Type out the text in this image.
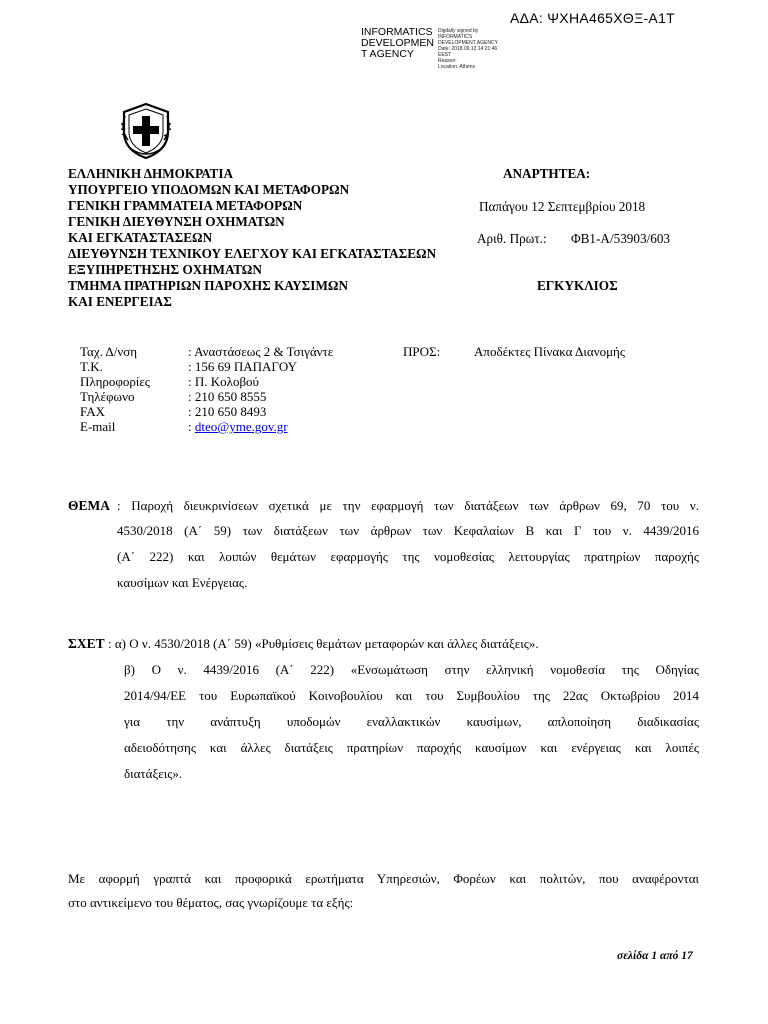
ΑΔΑ: ΨΧΗΑ465ΧΘΞ-Α1Τ
INFORMATICS
DEVELOPMEN
T AGENCY
Digitally signed by
INFORMATICS
DEVELOPMENT AGENCY
Date: 2018.09.12 14:21:46
EEST
Reason:
Location: Athens
ΕΛΛΗΝΙΚΗ ΔΗΜΟΚΡΑΤΙΑ
ΥΠΟΥΡΓΕΙΟ ΥΠΟΔΟΜΩΝ ΚΑΙ ΜΕΤΑΦΟΡΩΝ
ΓΕΝΙΚΗ ΓΡΑΜΜΑΤΕΙΑ ΜΕΤΑΦΟΡΩΝ
ΓΕΝΙΚΗ ΔΙΕΥΘΥΝΣΗ ΟΧΗΜΑΤΩΝ
ΚΑΙ ΕΓΚΑΤΑΣΤΑΣΕΩΝ
ΔΙΕΥΘΥΝΣΗ ΤΕΧΝΙΚΟΥ ΕΛΕΓΧΟΥ ΚΑΙ ΕΓΚΑΤΑΣΤΑΣΕΩΝ
ΕΞΥΠΗΡΕΤΗΣΗΣ ΟΧΗΜΑΤΩΝ
ΤΜΗΜΑ ΠΡΑΤΗΡΙΩΝ ΠΑΡΟΧΗΣ ΚΑΥΣΙΜΩΝ
ΚΑΙ ΕΝΕΡΓΕΙΑΣ
ΑΝΑΡΤΗΤΕΑ:
Παπάγου 12 Σεπτεμβρίου 2018
Αριθ. Πρωτ.: ΦΒ1-Α/53903/603
ΕΓΚΥΚΛΙΟΣ
Ταχ. Δ/νση
Τ.Κ.
Πληροφορίες
Τηλέφωνο
FAX
E-mail
: Αναστάσεως 2 & Τσιγάντε
: 156 69 ΠΑΠΑΓΟΥ
: Π. Κολοβού
: 210 650 8555
: 210 650 8493
: dteo@yme.gov.gr
ΠΡΟΣ:	Αποδέκτες Πίνακα Διανομής
ΘΕΜΑ : Παροχή διευκρινίσεων σχετικά με την εφαρμογή των διατάξεων των άρθρων 69, 70 του ν.
4530/2018 (Α΄ 59) των διατάξεων των άρθρων των Κεφαλαίων Β και Γ του ν. 4439/2016
(Α΄ 222) και λοιπών θεμάτων εφαρμογής της νομοθεσίας λειτουργίας πρατηρίων παροχής
καυσίμων και Ενέργειας.
ΣΧΕΤ : α) Ο ν. 4530/2018 (Α΄ 59) «Ρυθμίσεις θεμάτων μεταφορών και άλλες διατάξεις».
β) Ο ν. 4439/2016 (Α΄ 222) «Ενσωμάτωση στην ελληνική νομοθεσία της Οδηγίας
2014/94/ΕΕ του Ευρωπαϊκού Κοινοβουλίου και του Συμβουλίου της 22ας Οκτωβρίου 2014
για την ανάπτυξη υποδομών εναλλακτικών καυσίμων, απλοποίηση διαδικασίας
αδειοδότησης και άλλες διατάξεις πρατηρίων παροχής καυσίμων και ενέργειας και λοιπές
διατάξεις».
Με αφορμή γραπτά και προφορικά ερωτήματα Υπηρεσιών, Φορέων και πολιτών, που αναφέρονται
στο αντικείμενο του θέματος, σας γνωρίζουμε τα εξής:
σελίδα 1 από 17
